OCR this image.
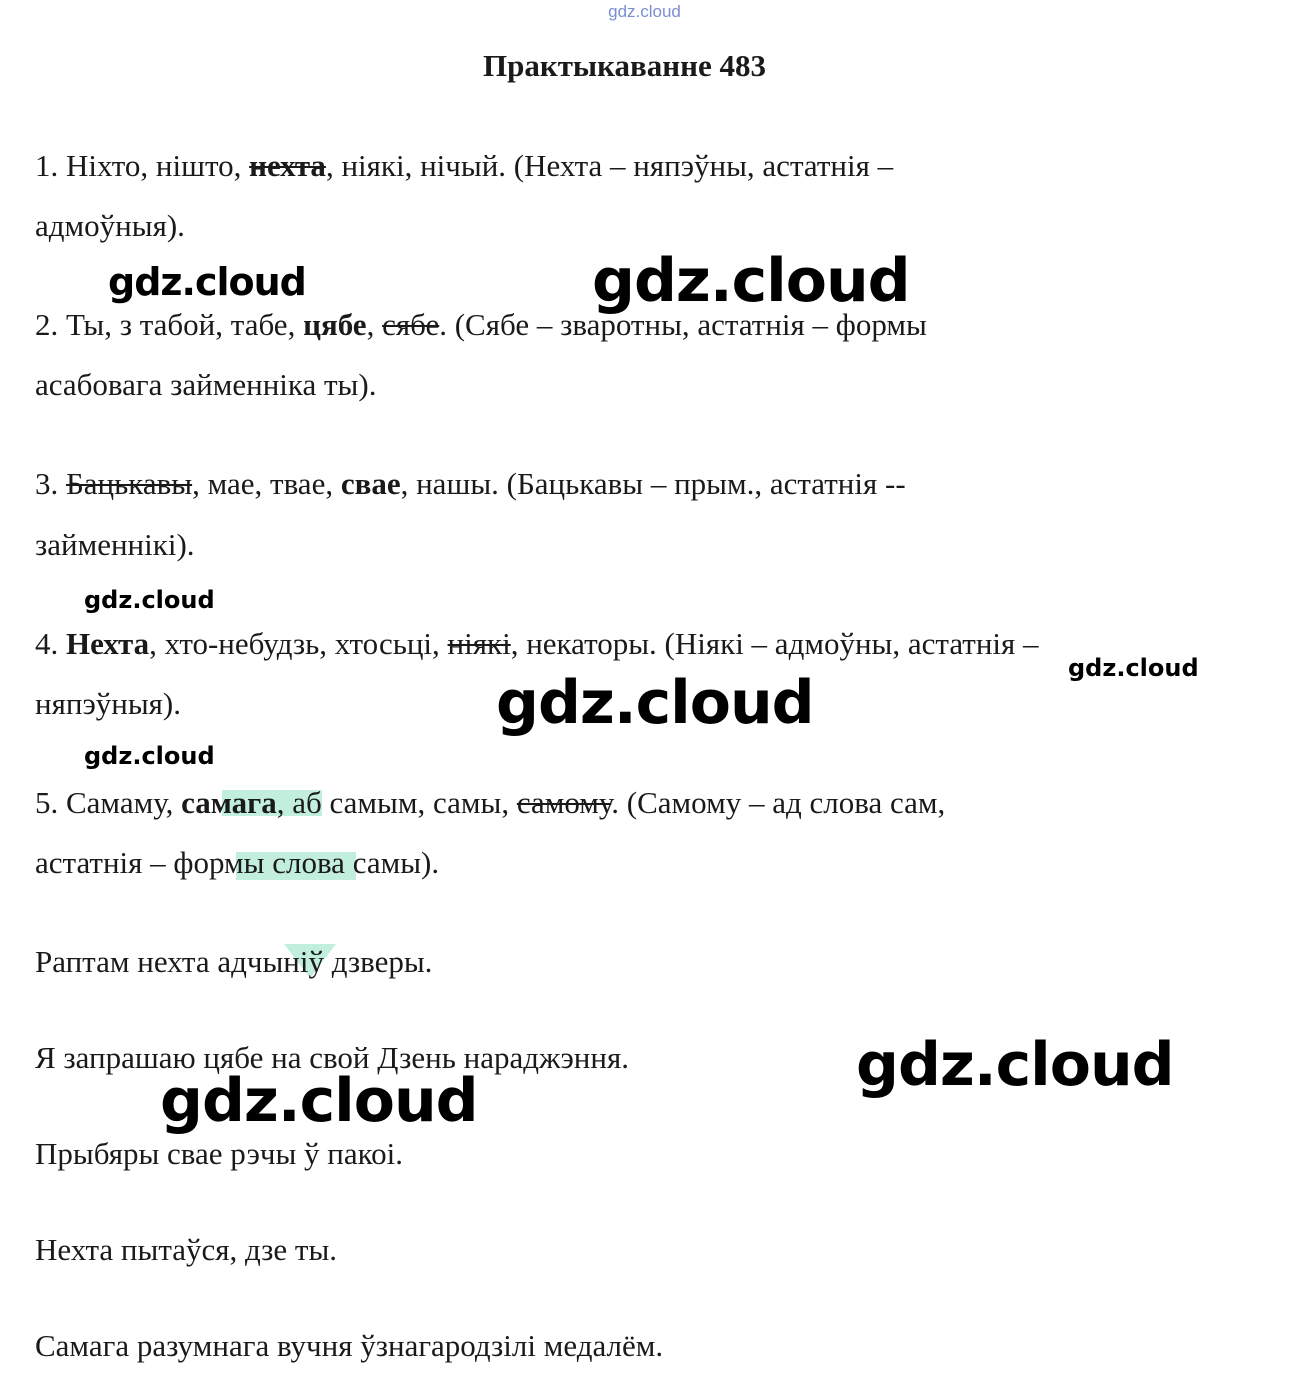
gdz.cloud
Практыкаванне 483
1. Ніхто, нішто, нехта, ніякі, нічый. (Нехта – няпэўны, астатнія –
адмоўныя).
2. Ты, з табой, табе, цябе, сябе. (Сябе – зваротны, астатнія – формы
асабовага займенніка ты).
3. Бацькавы, мае, твае, свае, нашы. (Бацькавы – прым., астатнія --
займеннікі).
4. Нехта, хто-небудзь, хтосьці, ніякі, некаторы. (Ніякі – адмоўны, астатнія –
няпэўныя).
5. Самаму, самага, аб самым, самы, самому. (Самому – ад слова сам,
астатнія – формы слова самы).
Раптам нехта адчыніў дзверы.
Я запрашаю цябе на свой Дзень нараджэння.
Прыбяры свае рэчы ў пакоі.
Нехта пытаўся, дзе ты.
Самага разумнага вучня ўзнагародзілі медалём.
gdz.cloud	gdz.cloud
gdz.cloud
gdz.cloud
gdz.cloud
gdz.cloud
gdz.cloud
gdz.cloud
